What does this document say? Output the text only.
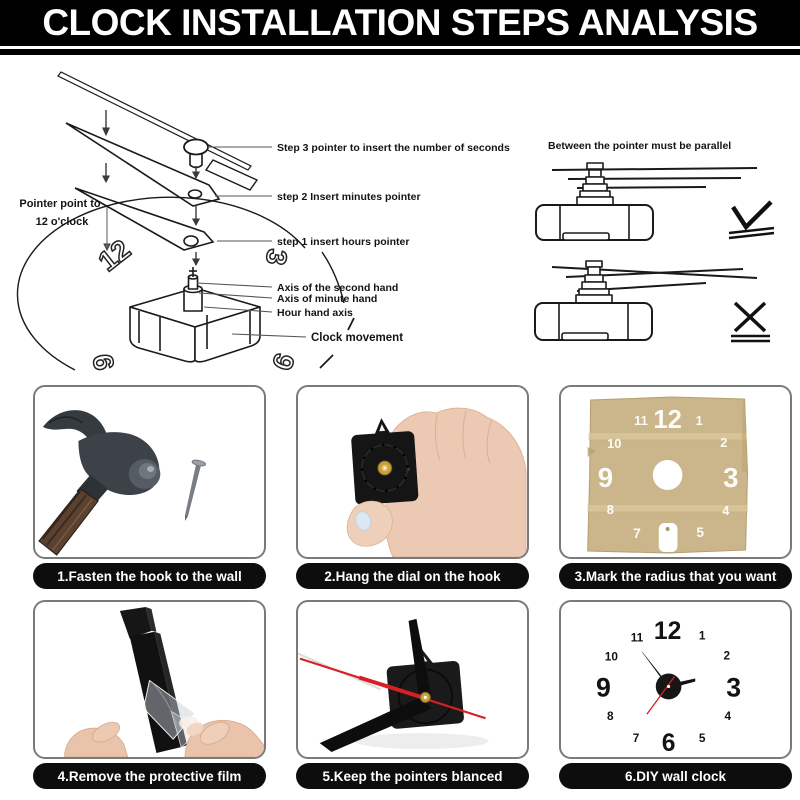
CLOCK INSTALLATION STEPS ANALYSIS
Step 3 pointer to insert the number of seconds
step 2 Insert minutes pointer
step 1 insert hours pointer
Pointer point to
12 o'clock
12	3
9	6
Axis of the second hand
Axis of minute hand
Hour hand axis
Clock movement
Between the pointer must be parallel
1.Fasten the hook to the wall	2.Hang the dial on the hook
12
11	1
10	2
9	3
8	4
7	5
3.Mark the radius that you want
4.Remove the protective film	5.Keep the pointers blanced
12
11	1
10	2
9	3
8	4
7 6 5
6.DIY wall clock
